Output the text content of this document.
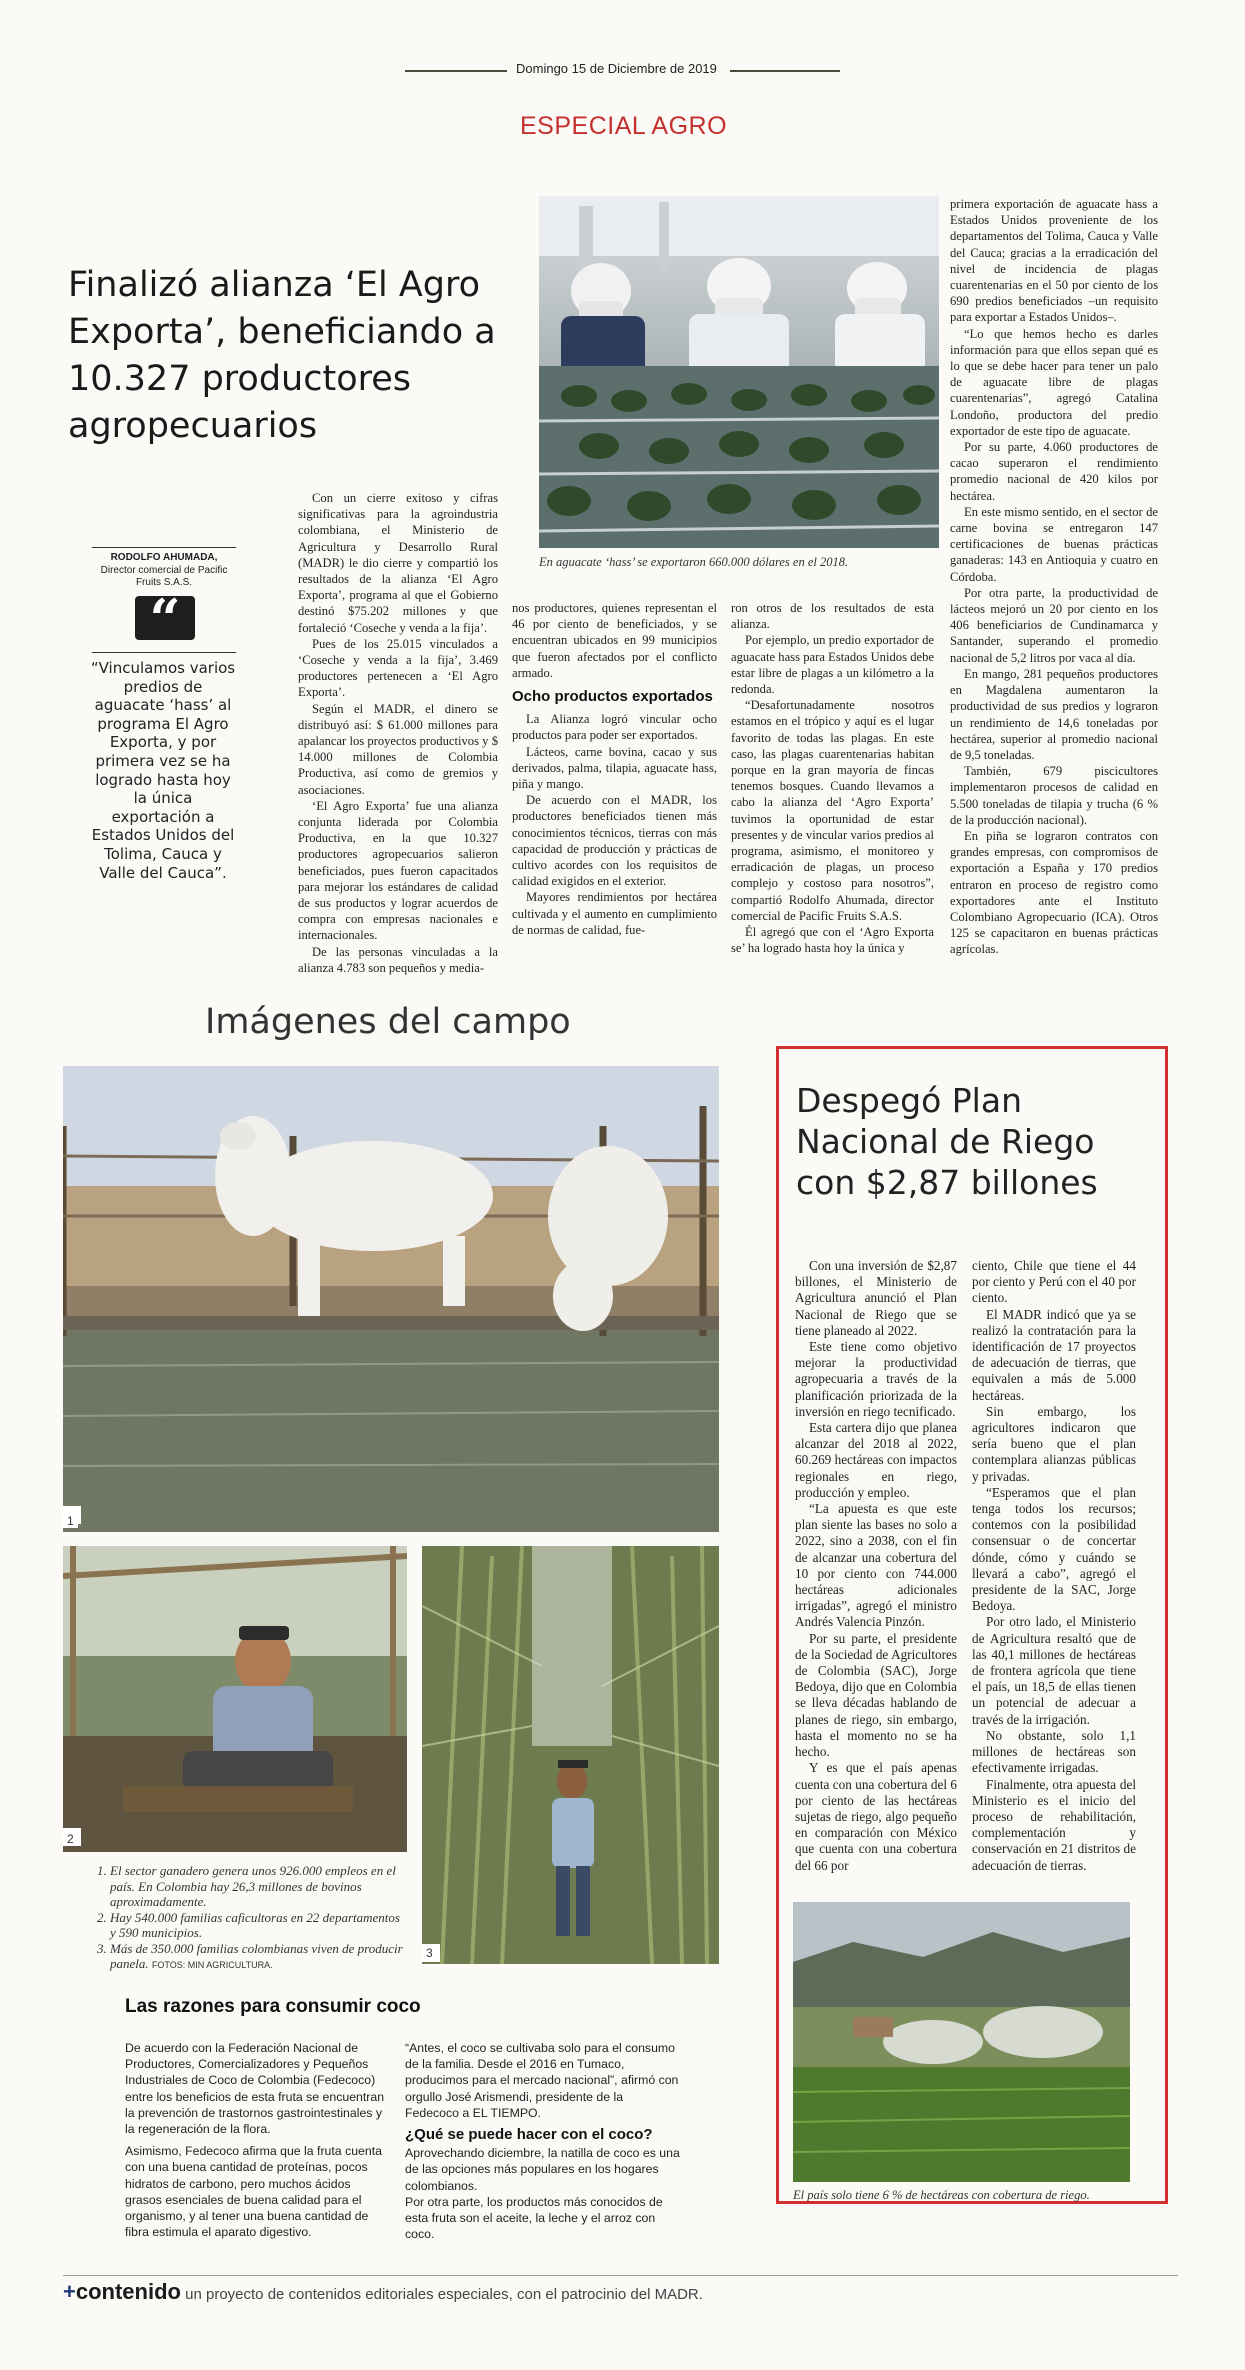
Domingo 15 de Diciembre de 2019
ESPECIAL AGRO
Finalizó alianza ‘El Agro Exporta’, beneficiando a 10.327 productores agropecuarios
En aguacate ‘hass’ se exportaron 660.000 dólares en el 2018.
RODOLFO AHUMADA,
Director comercial de Pacific Fruits S.A.S.
“
“Vinculamos varios predios de aguacate ‘hass’ al programa El Agro Exporta, y por primera vez se ha logrado hasta hoy la única exportación a Estados Unidos del Tolima, Cauca y Valle del Cauca”.

Con un cierre exitoso y cifras significativas para la agroindustria colombiana, el Ministerio de Agricultura y Desarrollo Rural (MADR) le dio cierre y compartió los resultados de la alianza ‘El Agro Exporta’, programa al que el Gobierno destinó $75.202 millones y que fortaleció ‘Coseche y venda a la fija’.

Pues de los 25.015 vinculados a ‘Coseche y venda a la fija’, 3.469 productores pertenecen a ‘El Agro Exporta’.

Según el MADR, el dinero se distribuyó así: $ 61.000 millones para apalancar los proyectos productivos y $ 14.000 millones de Colombia Productiva, así como de gremios y asociaciones.

‘El Agro Exporta’ fue una alianza conjunta liderada por Colombia Productiva, en la que 10.327 productores agropecuarios salieron beneficiados, pues fueron capacitados para mejorar los estándares de calidad de sus productos y lograr acuerdos de compra con empresas nacionales e internacionales.

De las personas vinculadas a la alianza 4.783 son pequeños y media-

nos productores, quienes representan el 46 por ciento de beneficiados, y se encuentran ubicados en 99 municipios que fueron afectados por el conflicto armado.

Ocho productos exportados

La Alianza logró vincular ocho productos para poder ser exportados.

Lácteos, carne bovina, cacao y sus derivados, palma, tilapia, aguacate hass, piña y mango.

De acuerdo con el MADR, los productores beneficiados tienen más conocimientos técnicos, tierras con más capacidad de producción y prácticas de cultivo acordes con los requisitos de calidad exigidos en el exterior.

Mayores rendimientos por hectárea cultivada y el aumento en cumplimiento de normas de calidad, fue-

ron otros de los resultados de esta alianza.

Por ejemplo, un predio exportador de aguacate hass para Estados Unidos debe estar libre de plagas a un kilómetro a la redonda.

“Desafortunadamente nosotros estamos en el trópico y aquí es el lugar favorito de todas las plagas. En este caso, las plagas cuarentenarias habitan porque en la gran mayoría de fincas tenemos bosques. Cuando llevamos a cabo la alianza del ‘Agro Exporta’ tuvimos la oportunidad de estar presentes y de vincular varios predios al programa, asimismo, el monitoreo y erradicación de plagas, un proceso complejo y costoso para nosotros”, compartió Rodolfo Ahumada, director comercial de Pacific Fruits S.A.S.

Él agregó que con el ‘Agro Exporta se’ ha logrado hasta hoy la única y

primera exportación de aguacate hass a Estados Unidos proveniente de los departamentos del Tolima, Cauca y Valle del Cauca; gracias a la erradicación del nivel de incidencia de plagas cuarentenarias en el 50 por ciento de los 690 predios beneficiados –un requisito para exportar a Estados Unidos–.

“Lo que hemos hecho es darles información para que ellos sepan qué es lo que se debe hacer para tener un palo de aguacate libre de plagas cuarentenarias”, agregó Catalina Londoño, productora del predio exportador de este tipo de aguacate.

Por su parte, 4.060 productores de cacao superaron el rendimiento promedio nacional de 420 kilos por hectárea.

En este mismo sentido, en el sector de carne bovina se entregaron 147 certificaciones de buenas prácticas ganaderas: 143 en Antioquia y cuatro en Córdoba.

Por otra parte, la productividad de lácteos mejoró un 20 por ciento en los 406 beneficiarios de Cundinamarca y Santander, superando el promedio nacional de 5,2 litros por vaca al día.

En mango, 281 pequeños productores en Magdalena aumentaron la productividad de sus predios y lograron un rendimiento de 14,6 toneladas por hectárea, superior al promedio nacional de 9,5 toneladas.

También, 679 piscicultores implementaron procesos de calidad en 5.500 toneladas de tilapia y trucha (6 % de la producción nacional).

En piña se lograron contratos con grandes empresas, con compromisos de exportación a España y 170 predios entraron en proceso de registro como exportadores ante el Instituto Colombiano Agropecuario (ICA). Otros 125 se capacitaron en buenas prácticas agrícolas.

Imágenes del campo
1
2
3
1. El sector ganadero genera unos 926.000 empleos en el país. En Colombia hay 26,3 millones de bovinos aproximadamente.
2. Hay 540.000 familias caficultoras en 22 departamentos y 590 municipios.
3. Más de 350.000 familias colombianas viven de producir panela. FOTOS: MIN AGRICULTURA.
Las razones para consumir coco

De acuerdo con la Federación Nacional de Productores, Comercializadores y Pequeños Industriales de Coco de Colombia (Fedecoco) entre los beneficios de esta fruta se encuentran la prevención de trastornos gastrointestinales y la regeneración de la flora.

Asimismo, Fedecoco afirma que la fruta cuenta con una buena cantidad de proteínas, pocos hidratos de carbono, pero muchos ácidos grasos esenciales de buena calidad para el organismo, y al tener una buena cantidad de fibra estimula el aparato digestivo.

“Antes, el coco se cultivaba solo para el consumo de la familia. Desde el 2016 en Tumaco, producimos para el mercado nacional”, afirmó con orgullo José Arismendi, presidente de la Fedecoco a EL TIEMPO.

¿Qué se puede hacer con el coco?

Aprovechando diciembre, la natilla de coco es una de las opciones más populares en los hogares colombianos.

Por otra parte, los productos más conocidos de esta fruta son el aceite, la leche y el arroz con coco.

Despegó Plan Nacional de Riego con $2,87 billones

Con una inversión de $2,87 billones, el Ministerio de Agricultura anunció el Plan Nacional de Riego que se tiene planeado al 2022.

Este tiene como objetivo mejorar la productividad agropecuaria a través de la planificación priorizada de la inversión en riego tecnificado.

Esta cartera dijo que planea alcanzar del 2018 al 2022, 60.269 hectáreas con impactos regionales en riego, producción y empleo.

“La apuesta es que este plan siente las bases no solo a 2022, sino a 2038, con el fin de alcanzar una cobertura del 10 por ciento con 744.000 hectáreas adicionales irrigadas”, agregó el ministro Andrés Valencia Pinzón.

Por su parte, el presidente de la Sociedad de Agricultores de Colombia (SAC), Jorge Bedoya, dijo que en Colombia se lleva décadas hablando de planes de riego, sin embargo, hasta el momento no se ha hecho.

Y es que el país apenas cuenta con una cobertura del 6 por ciento de las hectáreas sujetas de riego, algo pequeño en comparación con México que cuenta con una cobertura del 66 por

ciento, Chile que tiene el 44 por ciento y Perú con el 40 por ciento.

El MADR indicó que ya se realizó la contratación para la identificación de 17 proyectos de adecuación de tierras, que equivalen a más de 5.000 hectáreas.

Sin embargo, los agricultores indicaron que sería bueno que el plan contemplara alianzas públicas y privadas.

“Esperamos que el plan tenga todos los recursos; contemos con la posibilidad consensuar o de concertar dónde, cómo y cuándo se llevará a cabo”, agregó el presidente de la SAC, Jorge Bedoya.

Por otro lado, el Ministerio de Agricultura resaltó que de las 40,1 millones de hectáreas de frontera agrícola que tiene el país, un 18,5 de ellas tienen un potencial de adecuar a través de la irrigación.

No obstante, solo 1,1 millones de hectáreas son efectivamente irrigadas.

Finalmente, otra apuesta del Ministerio es el inicio del proceso de rehabilitación, complementación y conservación en 21 distritos de adecuación de tierras.

El país solo tiene 6 % de hectáreas con cobertura de riego.
+contenido un proyecto de contenidos editoriales especiales, con el patrocinio del MADR.
